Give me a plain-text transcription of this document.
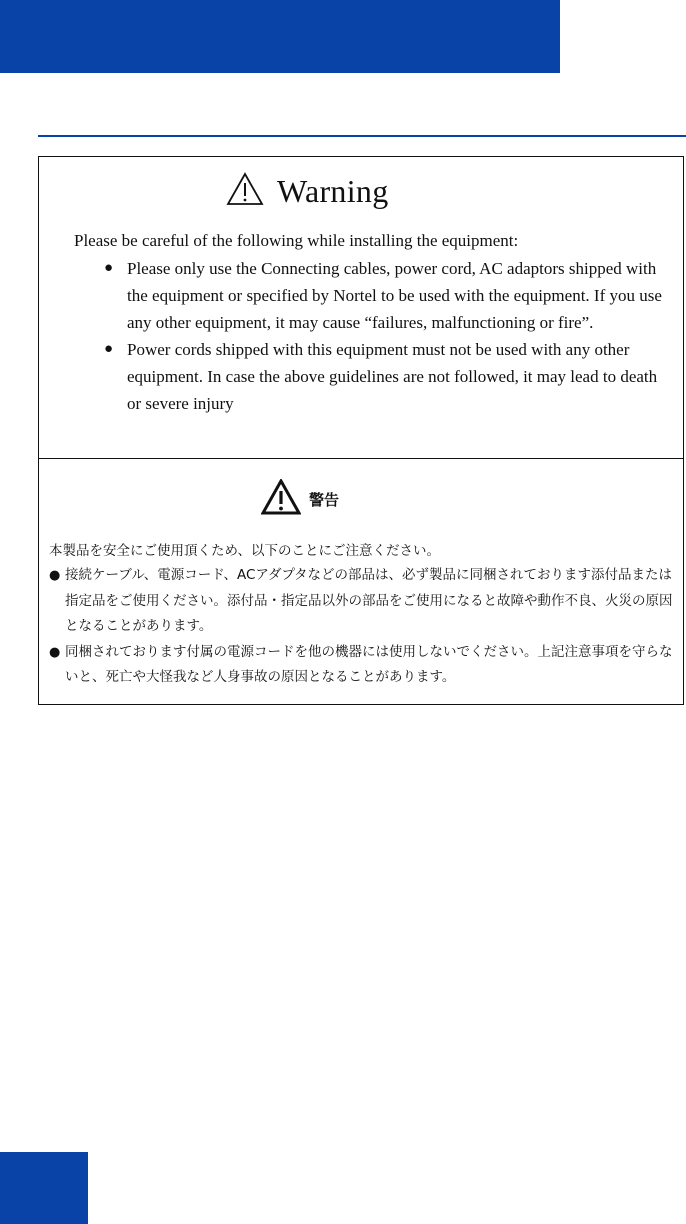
Warning
Please be careful of the following while installing the equipment:
● Please only use the Connecting cables, power cord, AC adaptors shipped with the equipment or specified by Nortel to be used with the equipment. If you use any other equipment, it may cause “failures, malfunctioning or fire”.
● Power cords shipped with this equipment must not be used with any other equipment. In case the above guidelines are not followed, it may lead to death or severe injury
警告
本製品を安全にご使用頂くため、以下のことにご注意ください。
● 接続ケーブル、電源コード、ACアダプタなどの部品は、必ず製品に同梱されております添付品または指定品をご使用ください。添付品・指定品以外の部品をご使用になると故障や動作不良、火災の原因となることがあります。
● 同梱されております付属の電源コードを他の機器には使用しないでください。上記注意事項を守らないと、死亡や大怪我など人身事故の原因となることがあります。
